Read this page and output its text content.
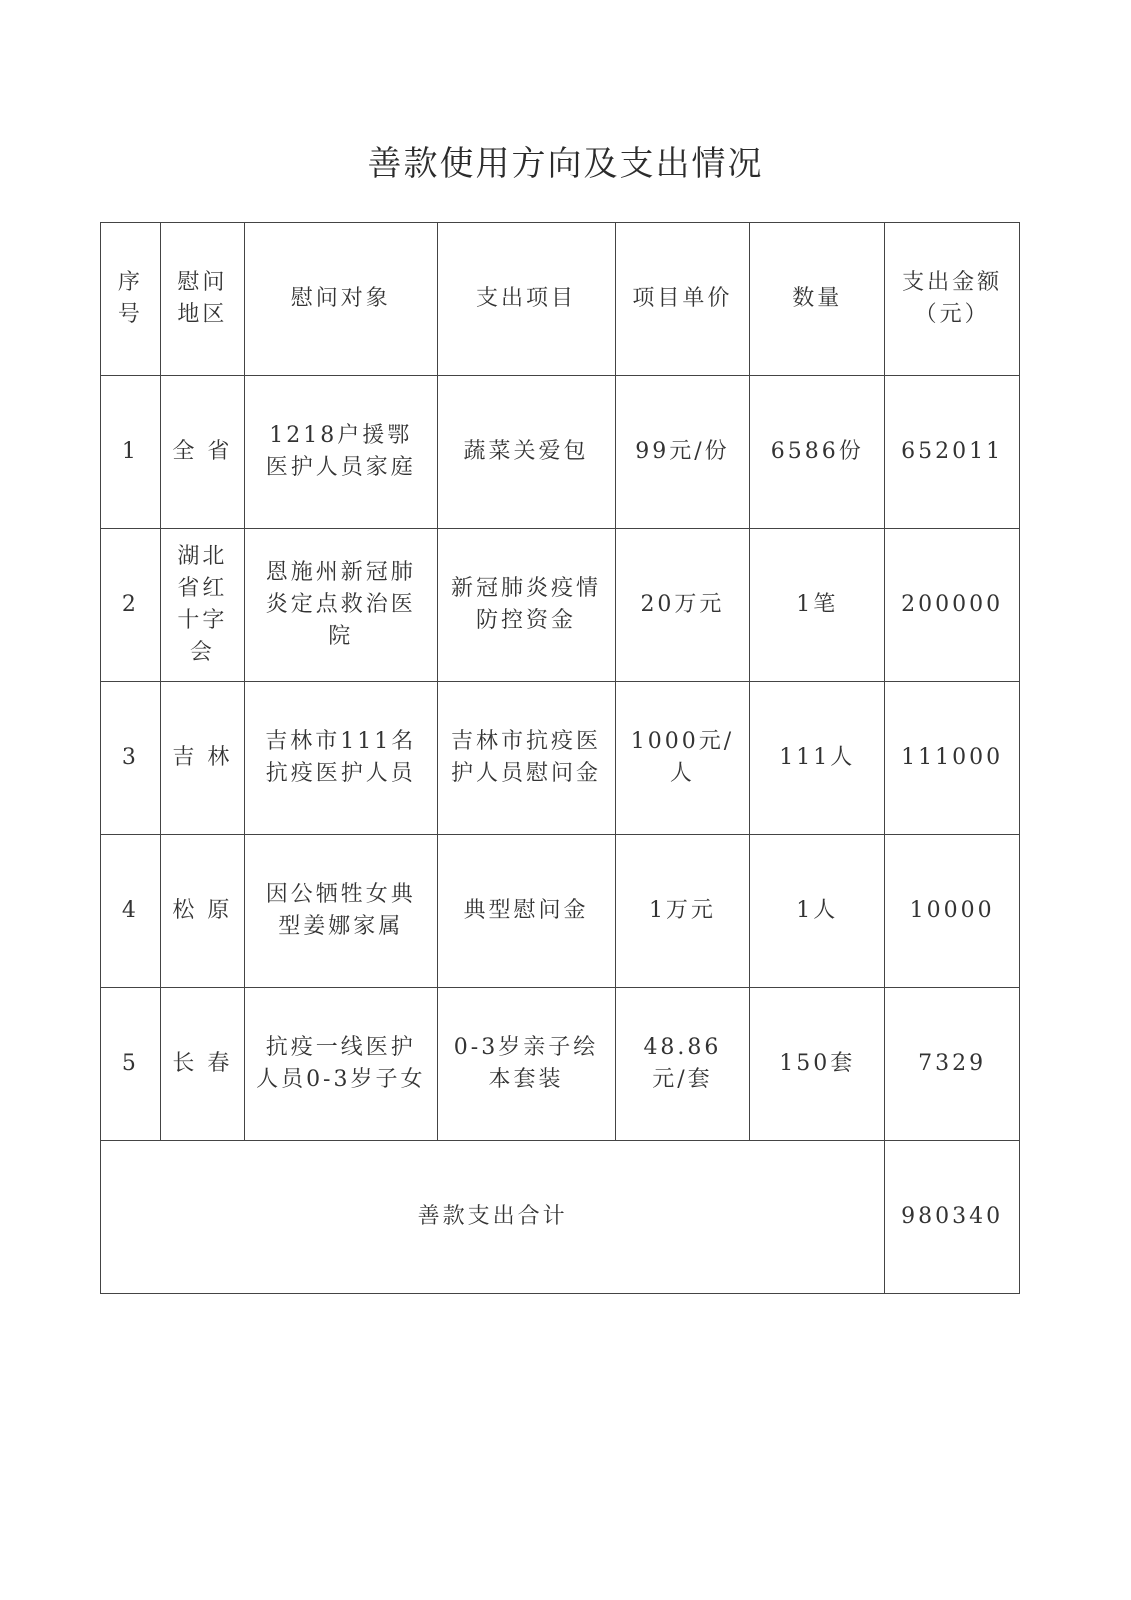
善款使用方向及支出情况
序号	慰问地区	慰问对象	支出项目	项目单价	数量	支出金额（元）
1	全 省	1218户援鄂医护人员家庭	蔬菜关爱包	99元/份	6586份	652011
2	湖北省红十字会	恩施州新冠肺炎定点救治医院	新冠肺炎疫情防控资金	20万元	1笔	200000
3	吉 林	吉林市111名抗疫医护人员	吉林市抗疫医护人员慰问金	1000元/人	111人	111000
4	松 原	因公牺牲女典型姜娜家属	典型慰问金	1万元	1人	10000
5	长 春	抗疫一线医护人员0-3岁子女	0-3岁亲子绘本套装	48.86元/套	150套	7329
善款支出合计						980340
